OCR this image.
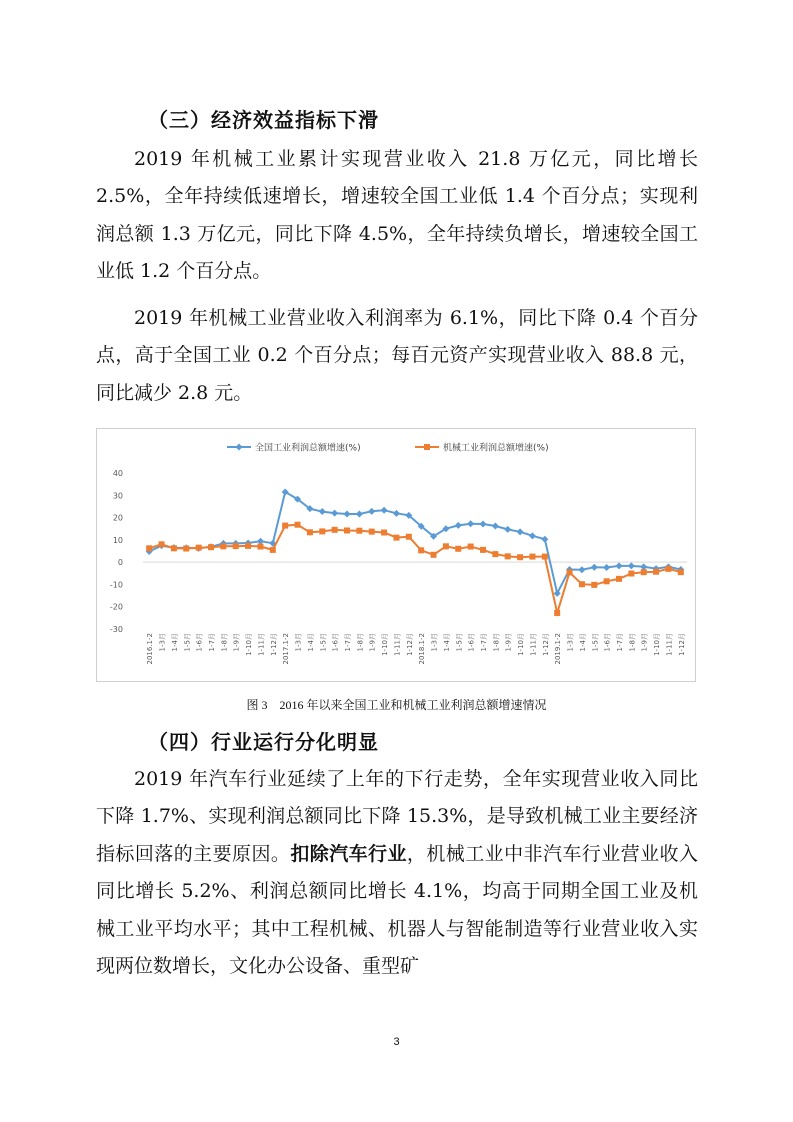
（三）经济效益指标下滑

2019 年机械工业累计实现营业收入 21.8 万亿元，同比增长 2.5%，全年持续低速增长，增速较全国工业低 1.4 个百分点；实现利润总额 1.3 万亿元，同比下降 4.5%，全年持续负增长，增速较全国工业低 1.2 个百分点。

2019 年机械工业营业收入利润率为 6.1%，同比下降 0.4 个百分点，高于全国工业 0.2 个百分点；每百元资产实现营业收入 88.8 元，同比减少 2.8 元。

40
30
20
10
0
-10
-20
-30
2016.1-2 1-3月 1-4月 1-5月 1-6月 1-7月 1-8月 1-9月 1-10月 1-11月 1-12月 2017.1-2 1-3月 1-4月 1-5月 1-6月 1-7月 1-8月 1-9月 1-10月 1-11月 1-12月 2018.1-2 1-3月 1-4月 1-5月 1-6月 1-7月 1-8月 1-9月 1-10月 1-11月 1-12月 2019.1-2 1-3月 1-4月 1-5月 1-6月 1-7月 1-8月 1-9月 1-10月 1-11月 1-12月
全国工业利润总额增速(%)	机械工业利润总额增速(%)

图 3　2016 年以来全国工业和机械工业利润总额增速情况

（四）行业运行分化明显

2019 年汽车行业延续了上年的下行走势，全年实现营业收入同比下降 1.7%、实现利润总额同比下降 15.3%，是导致机械工业主要经济指标回落的主要原因。扣除汽车行业，机械工业中非汽车行业营业收入同比增长 5.2%、利润总额同比增长 4.1%，均高于同期全国工业及机械工业平均水平；其中工程机械、机器人与智能制造等行业营业收入实现两位数增长，文化办公设备、重型矿

3
